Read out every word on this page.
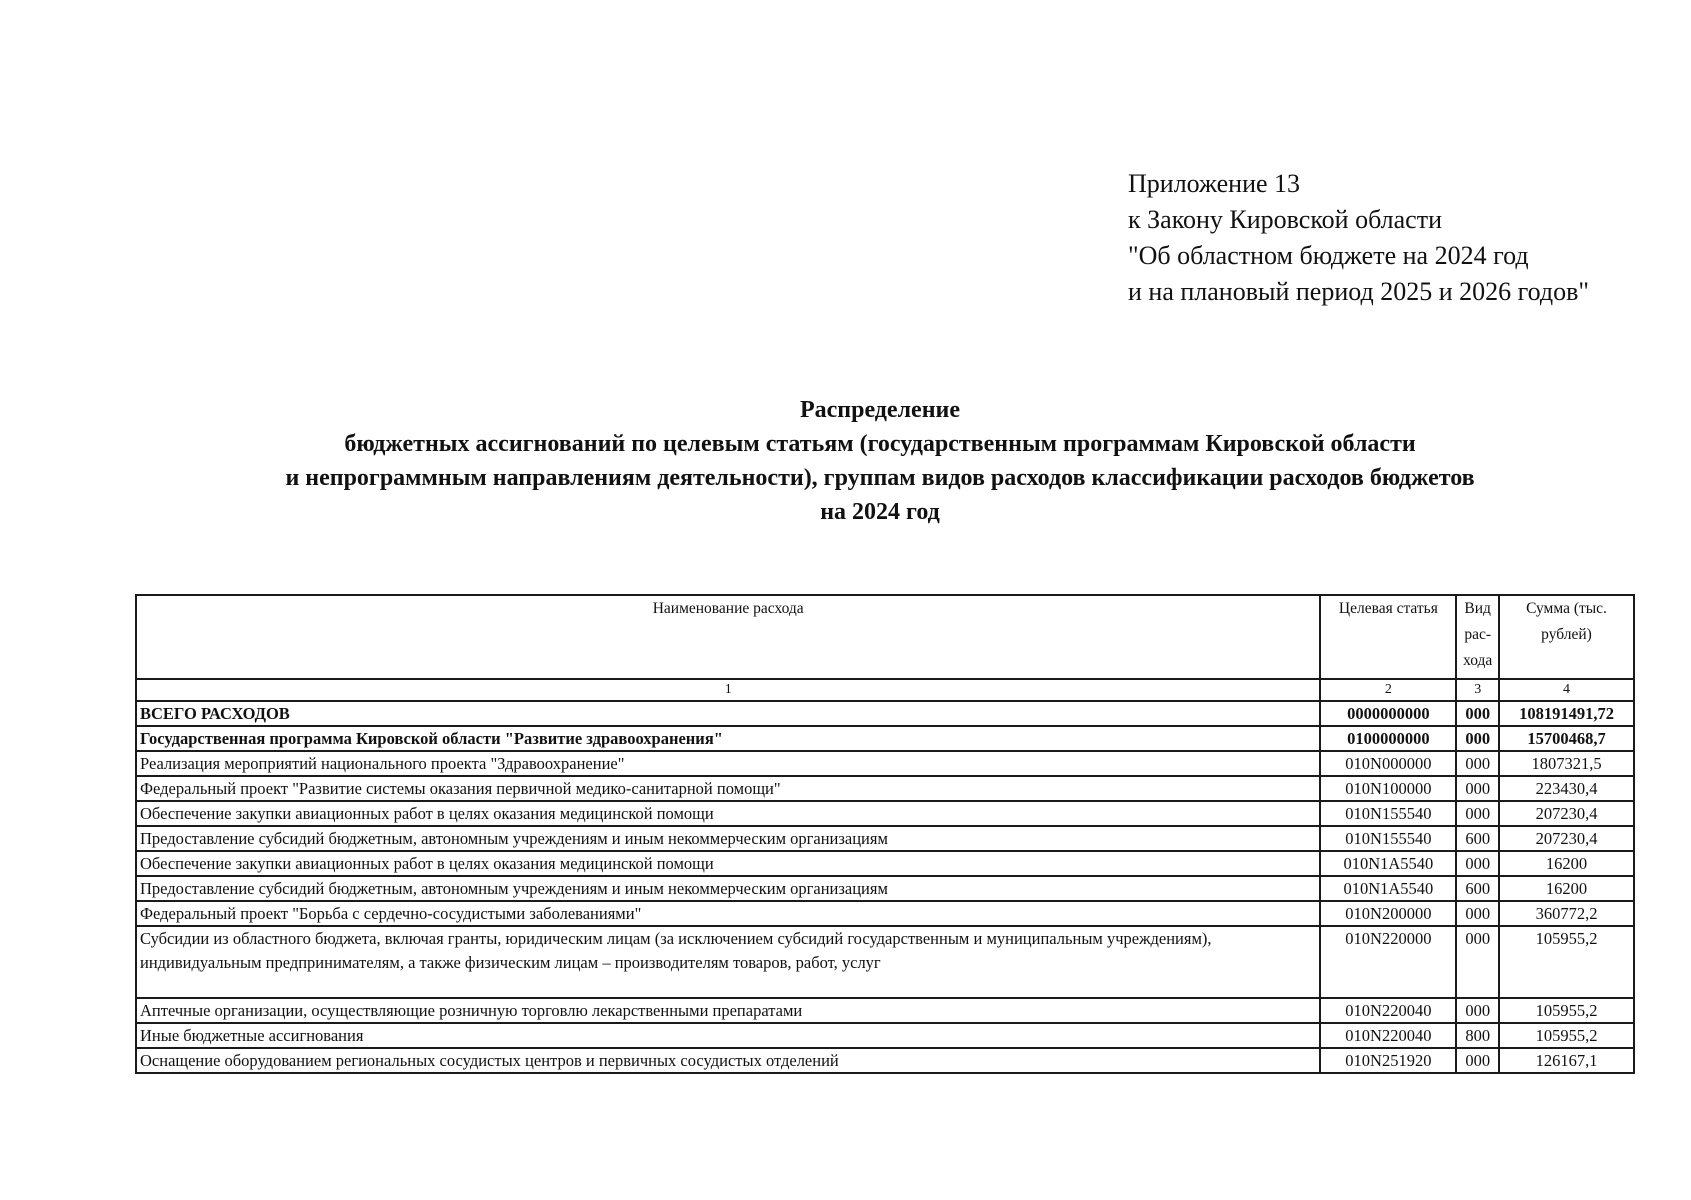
Приложение 13
к Закону Кировской области
"Об областном бюджете на 2024 год
и на плановый период 2025 и 2026 годов"
Распределение
бюджетных ассигнований по целевым статьям (государственным программам Кировской области
и непрограммным направлениям деятельности), группам видов расходов классификации расходов бюджетов
на 2024 год
Наименование расхода	Целевая статья	Вид рас-хода	Сумма (тыс. рублей)
1	2	3	4
ВСЕГО РАСХОДОВ	0000000000	000	108191491,72
Государственная программа Кировской области "Развитие здравоохранения"	0100000000	000	15700468,7
Реализация мероприятий национального проекта "Здравоохранение"	010N000000	000	1807321,5
Федеральный проект "Развитие системы оказания первичной медико-санитарной помощи"	010N100000	000	223430,4
Обеспечение закупки авиационных работ в целях оказания медицинской помощи	010N155540	000	207230,4
Предоставление субсидий бюджетным, автономным учреждениям и иным некоммерческим организациям	010N155540	600	207230,4
Обеспечение закупки авиационных работ в целях оказания медицинской помощи	010N1A5540	000	16200
Предоставление субсидий бюджетным, автономным учреждениям и иным некоммерческим организациям	010N1A5540	600	16200
Федеральный проект "Борьба с сердечно-сосудистыми заболеваниями"	010N200000	000	360772,2
Субсидии из областного бюджета, включая гранты, юридическим лицам (за исключением субсидий государственным и муниципальным учреждениям), индивидуальным предпринимателям, а также физическим лицам – производителям товаров, работ, услуг	010N220000	000	105955,2
Аптечные организации, осуществляющие розничную торговлю лекарственными препаратами	010N220040	000	105955,2
Иные бюджетные ассигнования	010N220040	800	105955,2
Оснащение оборудованием региональных сосудистых центров и первичных сосудистых отделений	010N251920	000	126167,1
